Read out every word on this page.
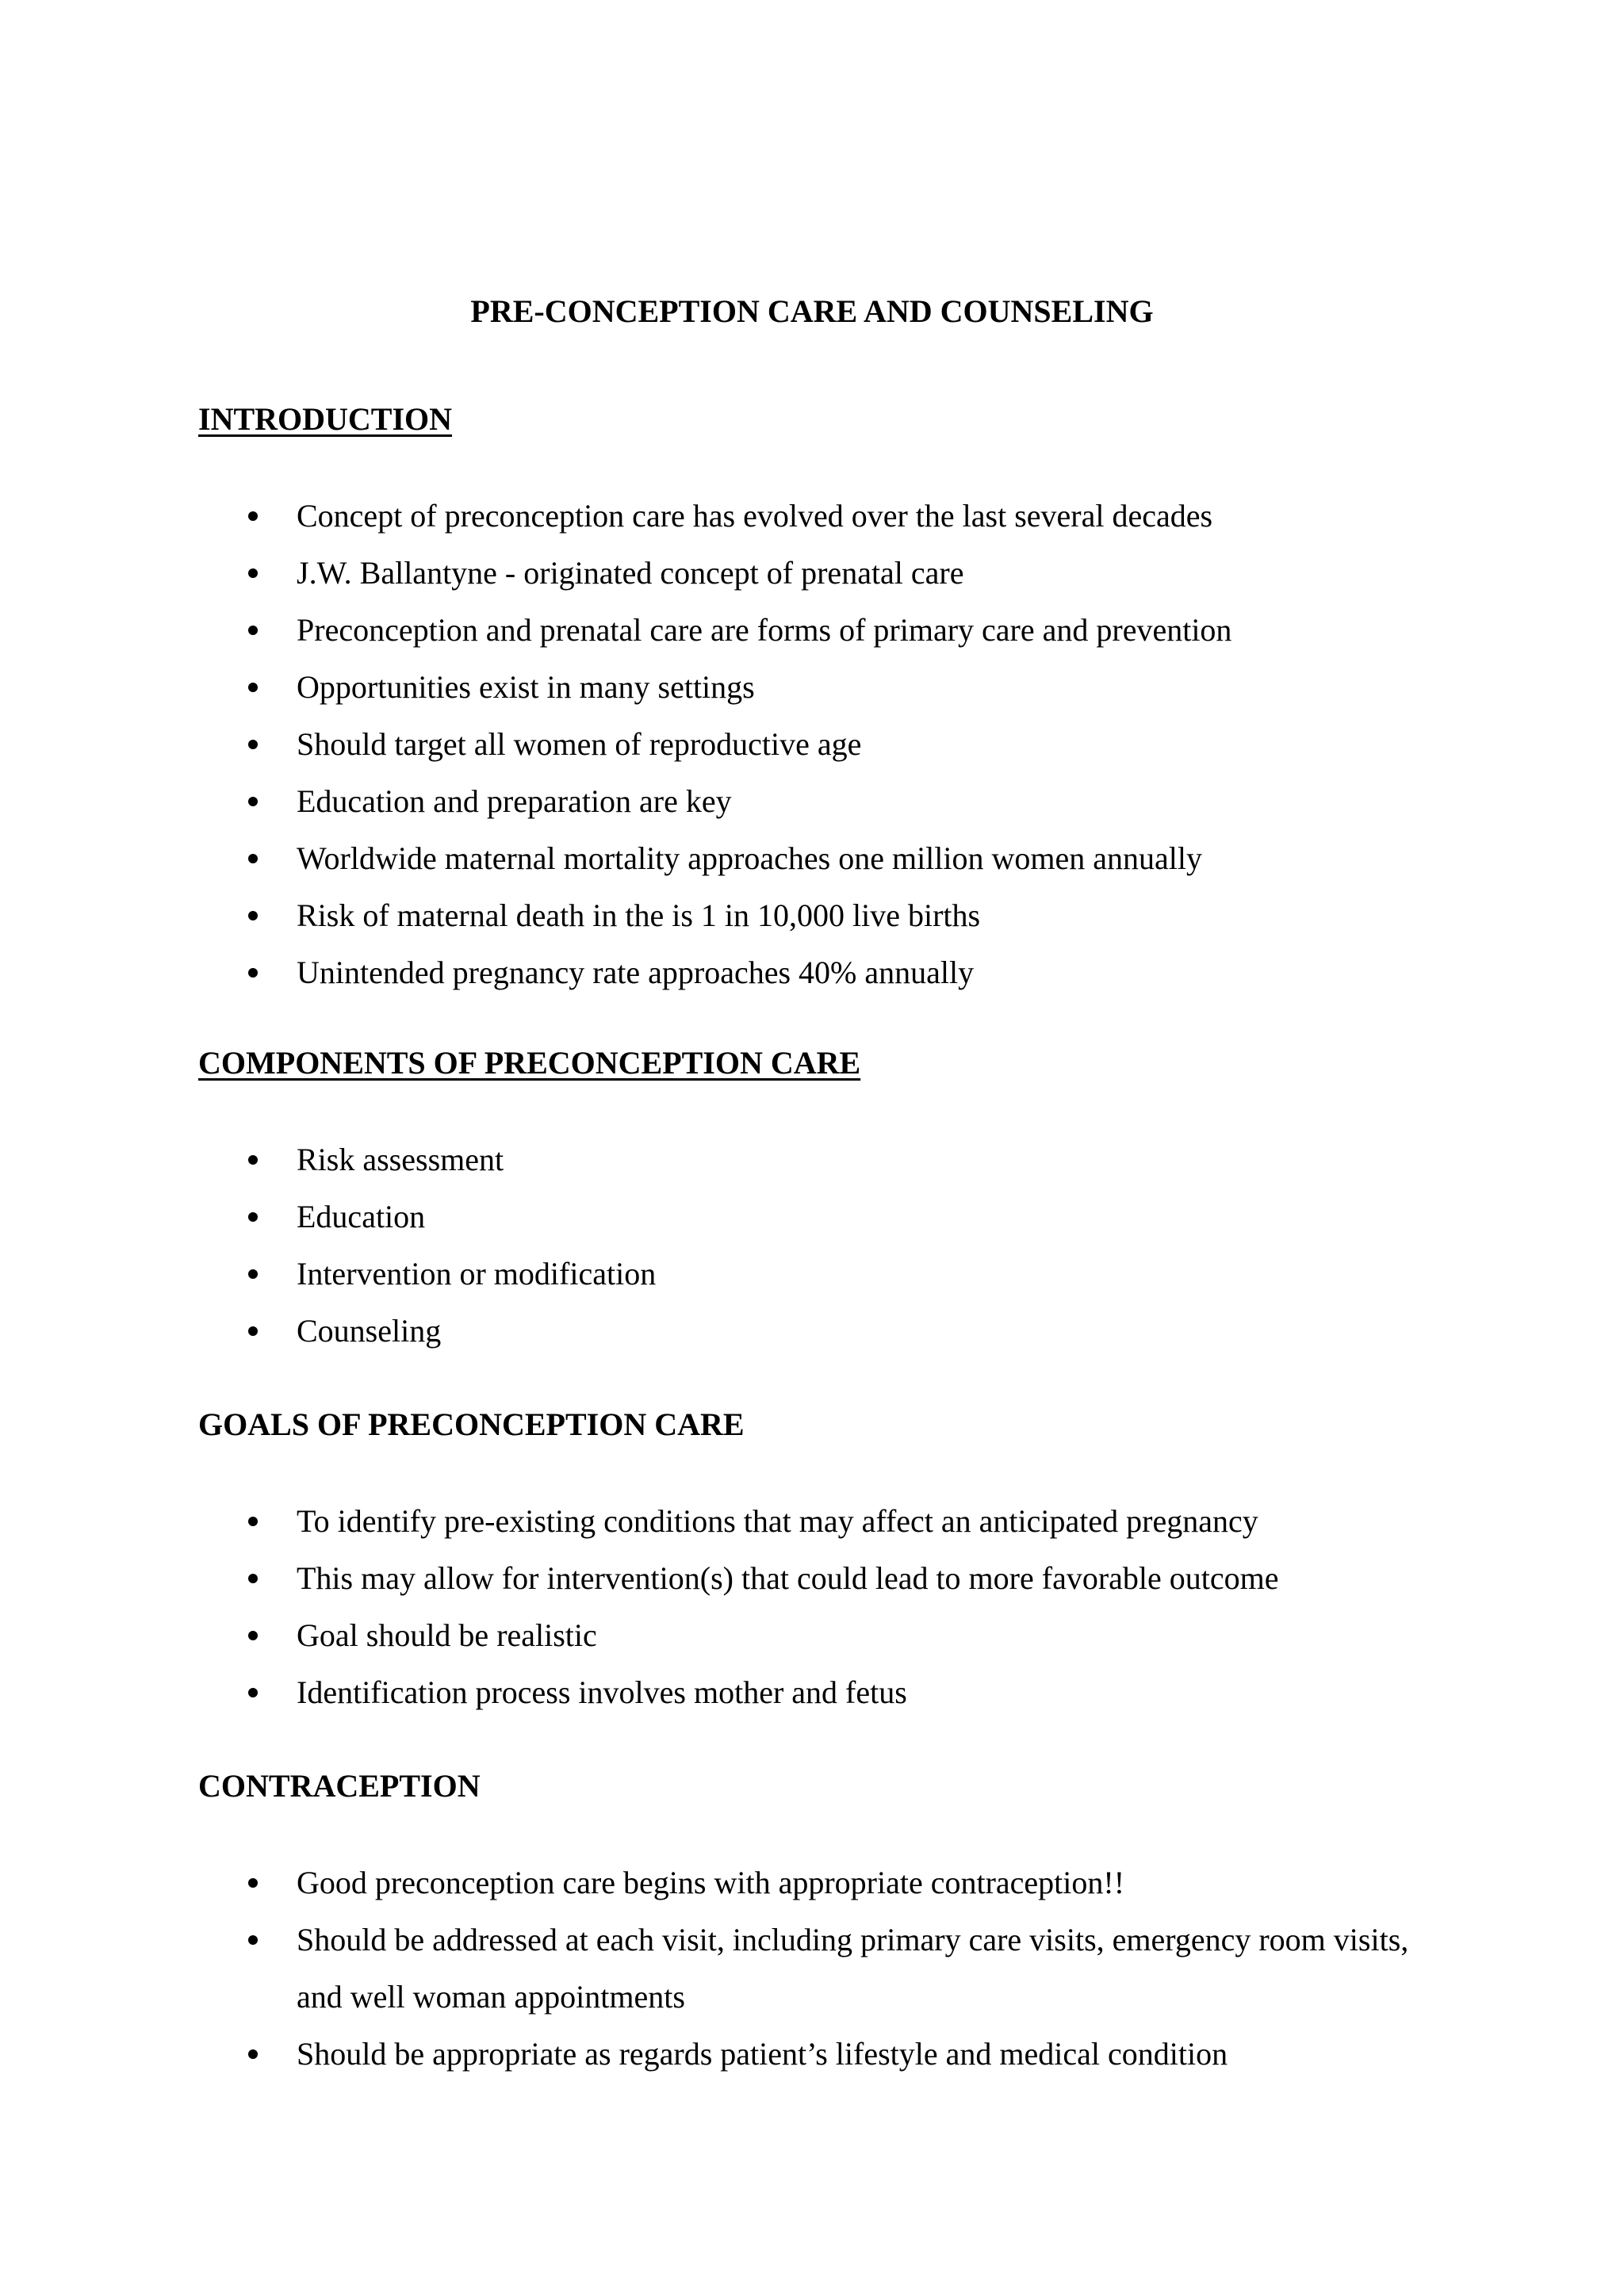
PRE-CONCEPTION CARE AND COUNSELING
INTRODUCTION
Concept of preconception care has evolved over the last several decades
J.W. Ballantyne - originated concept of prenatal care
Preconception and prenatal care are forms of primary care and prevention
Opportunities exist in many settings
Should target all women of reproductive age
Education and preparation are key
Worldwide maternal mortality approaches one million women annually
Risk of maternal death in the is 1 in 10,000 live births
Unintended pregnancy rate approaches 40% annually
COMPONENTS OF PRECONCEPTION CARE
Risk assessment
Education
Intervention or modification
Counseling
GOALS OF PRECONCEPTION CARE
To identify pre-existing conditions that may affect an anticipated pregnancy
This may allow for intervention(s) that could lead to more favorable outcome
Goal should be realistic
Identification process involves mother and fetus
CONTRACEPTION
Good preconception care begins with appropriate contraception!!
Should be addressed at each visit, including primary care visits, emergency room visits, and well woman appointments
Should be appropriate as regards patient’s lifestyle and medical condition
